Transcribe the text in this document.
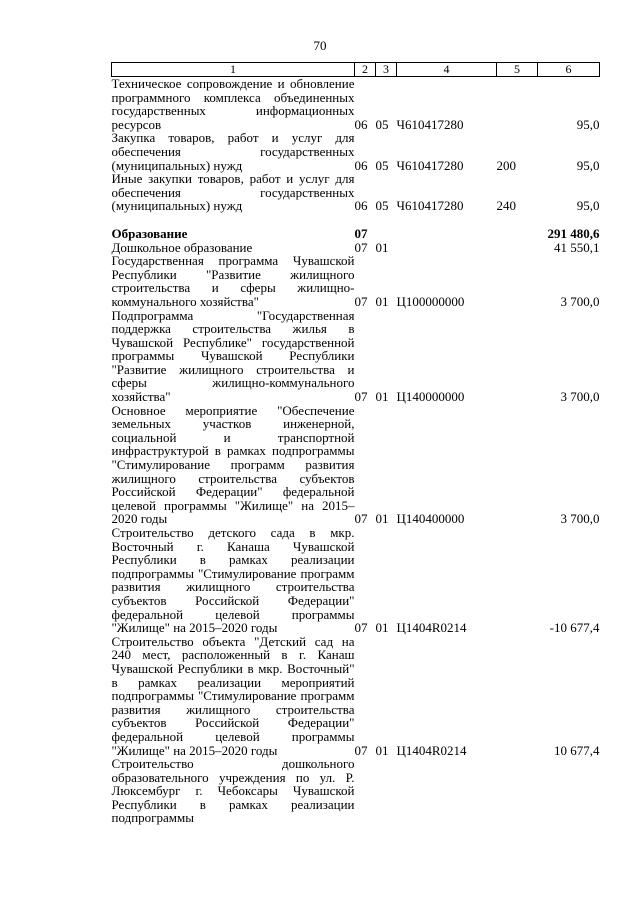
70
1	2	3	4	5	6
Техническое сопровождение и обновление программного комплекса объединенных государственных информационных ресурсов	06	05	Ч610417280		95,0
Закупка товаров, работ и услуг для обеспечения государственных (муниципальных) нужд	06	05	Ч610417280	200	95,0
Иные закупки товаров, работ и услуг для обеспечения государственных (муниципальных) нужд	06	05	Ч610417280	240	95,0

Образование	07				291 480,6
Дошкольное образование	07	01			41 550,1
Государственная программа Чувашской Республики "Развитие жилищного строительства и сферы жилищно-коммунального хозяйства"	07	01	Ц100000000		3 700,0
Подпрограмма "Государственная поддержка строительства жилья в Чувашской Республике" государственной программы Чувашской Республики "Развитие жилищного строительства и сферы жилищно-коммунального хозяйства"	07	01	Ц140000000		3 700,0
Основное мероприятие "Обеспечение земельных участков инженерной, социальной и транспортной инфраструктурой в рамках подпрограммы "Стимулирование программ развития жилищного строительства субъектов Российской Федерации" федеральной целевой программы "Жилище" на 2015–2020 годы	07	01	Ц140400000		3 700,0
Строительство детского сада в мкр. Восточный г. Канаша Чувашской Республики в рамках реализации подпрограммы "Стимулирование программ развития жилищного строительства субъектов Российской Федерации" федеральной целевой программы "Жилище" на 2015–2020 годы	07	01	Ц1404R0214		-10 677,4
Строительство объекта "Детский сад на 240 мест, расположенный в г. Канаш Чувашской Республики в мкр. Восточный" в рамках реализации мероприятий подпрограммы "Стимулирование программ развития жилищного строительства субъектов Российской Федерации" федеральной целевой программы "Жилище" на 2015–2020 годы	07	01	Ц1404R0214		10 677,4
Строительство дошкольного образовательного учреждения по ул. Р. Люксембург г. Чебоксары Чувашской Республики в рамках реализации подпрограммы					
